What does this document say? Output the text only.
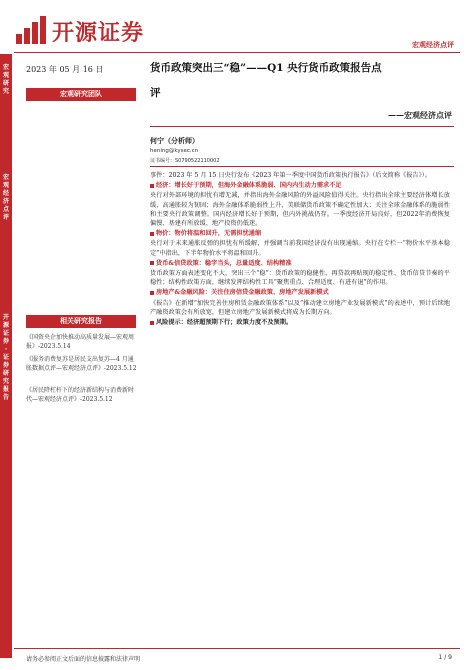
开源证券	宏观经济点评
宏观研究
宏观经济点评
开源证券 · 证券研究报告
2023 年 05 月 16 日
宏观研究团队
相关研究报告
《国资央企加快推动高质量发展—宏观周报》-2023.5.14
《服务消费复苏是居民支出复苏—4 月通胀数据点评—宏观经济点评》-2023.5.12
《居民降杠杆下的经济新结构与消费新时代—宏观经济点评》-2023.5.12
货币政策突出三“稳”——Q1 央行货币政策报告点
评
——宏观经济点评
何宁（分析师）
hening@kysec.cn
证书编号：S0790522110002

事件：2023 年 5 月 15 日央行发布《2023 年第一季度中国货币政策执行报告》（后文简称《报告》）。

经济：增长好于预期，但海外金融体系脆弱、国内内生动力需求不足

央行对外部环境的担忧有增无减，并指出海外金融风险的外溢风险值得关注。央行指出全球主要经济体增长放缓，高通胀较为韧固；海外金融体系脆弱性上升，美联储货币政策不确定性加大；关注全球金融体系的脆弱性和主要央行政策调整。国内经济增长好于预期，但内外挑战仍存。一季度经济开局良好，但2022年消费恢复偏慢、基建有所放缓、地产投资仍低迷。

物价：物价将温和回升，无需担忧通缩

央行对于未来通胀反弹的担忧有所缓解，并强调当前我国经济没有出现通缩。央行在专栏一“物价水平基本稳定”中指出，下半年物价水平将温和回升。

货币&信贷政策：稳字当头，总量适度、结构精准

货币政策方面表述变化不大，突出三个“稳”：货币政策的稳健性、再贷款再贴现的稳定性、货币信贷节奏的平稳性；结构性政策方面，继续发挥结构性工具“聚焦重点、合理适度、有进有退”的作用。

房地产&金融风险：关注住房信贷金融政策、房地产发展新模式

《报告》在新增“加快完善住房租赁金融政策体系”以及“推动建立房地产业发展新模式”的表述中，预计后续地产融资政策会有所放宽，但建立房地产发展新模式将成为长期方向。

风险提示：经济超预期下行；政策力度不及预期。

请务必参阅正文后面的信息披露和法律声明	1 / 9
